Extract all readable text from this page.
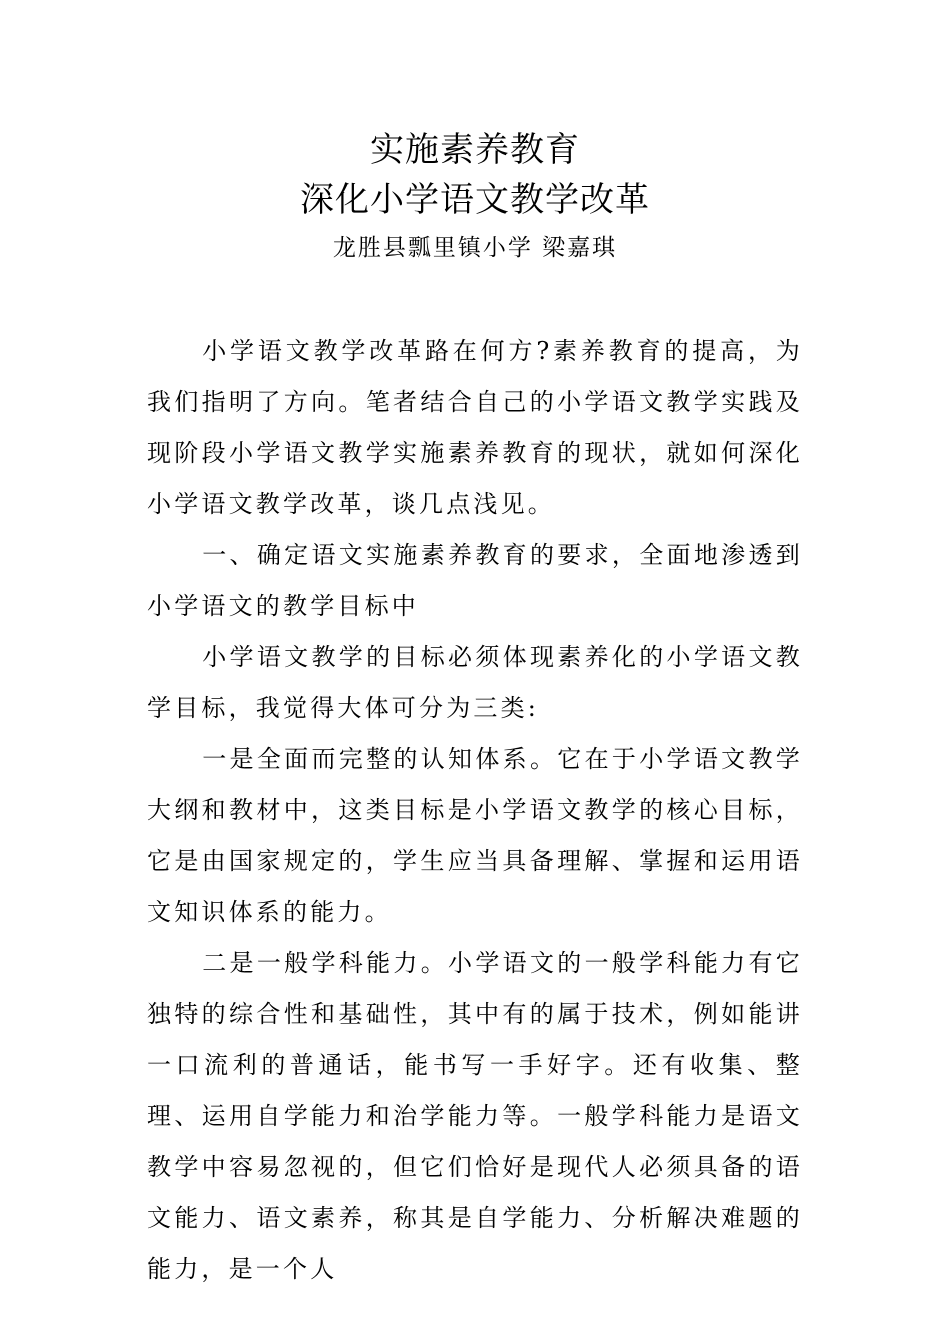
实施素养教育
深化小学语文教学改革
龙胜县瓢里镇小学 梁嘉琪

小学语文教学改革路在何方?素养教育的提高，为我们指明了方向。笔者结合自己的小学语文教学实践及现阶段小学语文教学实施素养教育的现状，就如何深化小学语文教学改革，谈几点浅见。

一、确定语文实施素养教育的要求，全面地渗透到小学语文的教学目标中

小学语文教学的目标必须体现素养化的小学语文教学目标，我觉得大体可分为三类:

一是全面而完整的认知体系。它在于小学语文教学大纲和教材中，这类目标是小学语文教学的核心目标，它是由国家规定的，学生应当具备理解、掌握和运用语文知识体系的能力。

二是一般学科能力。小学语文的一般学科能力有它独特的综合性和基础性，其中有的属于技术，例如能讲一口流利的普通话，能书写一手好字。还有收集、整理、运用自学能力和治学能力等。一般学科能力是语文教学中容易忽视的，但它们恰好是现代人必须具备的语文能力、语文素养，称其是自学能力、分析解决难题的能力，是一个人
